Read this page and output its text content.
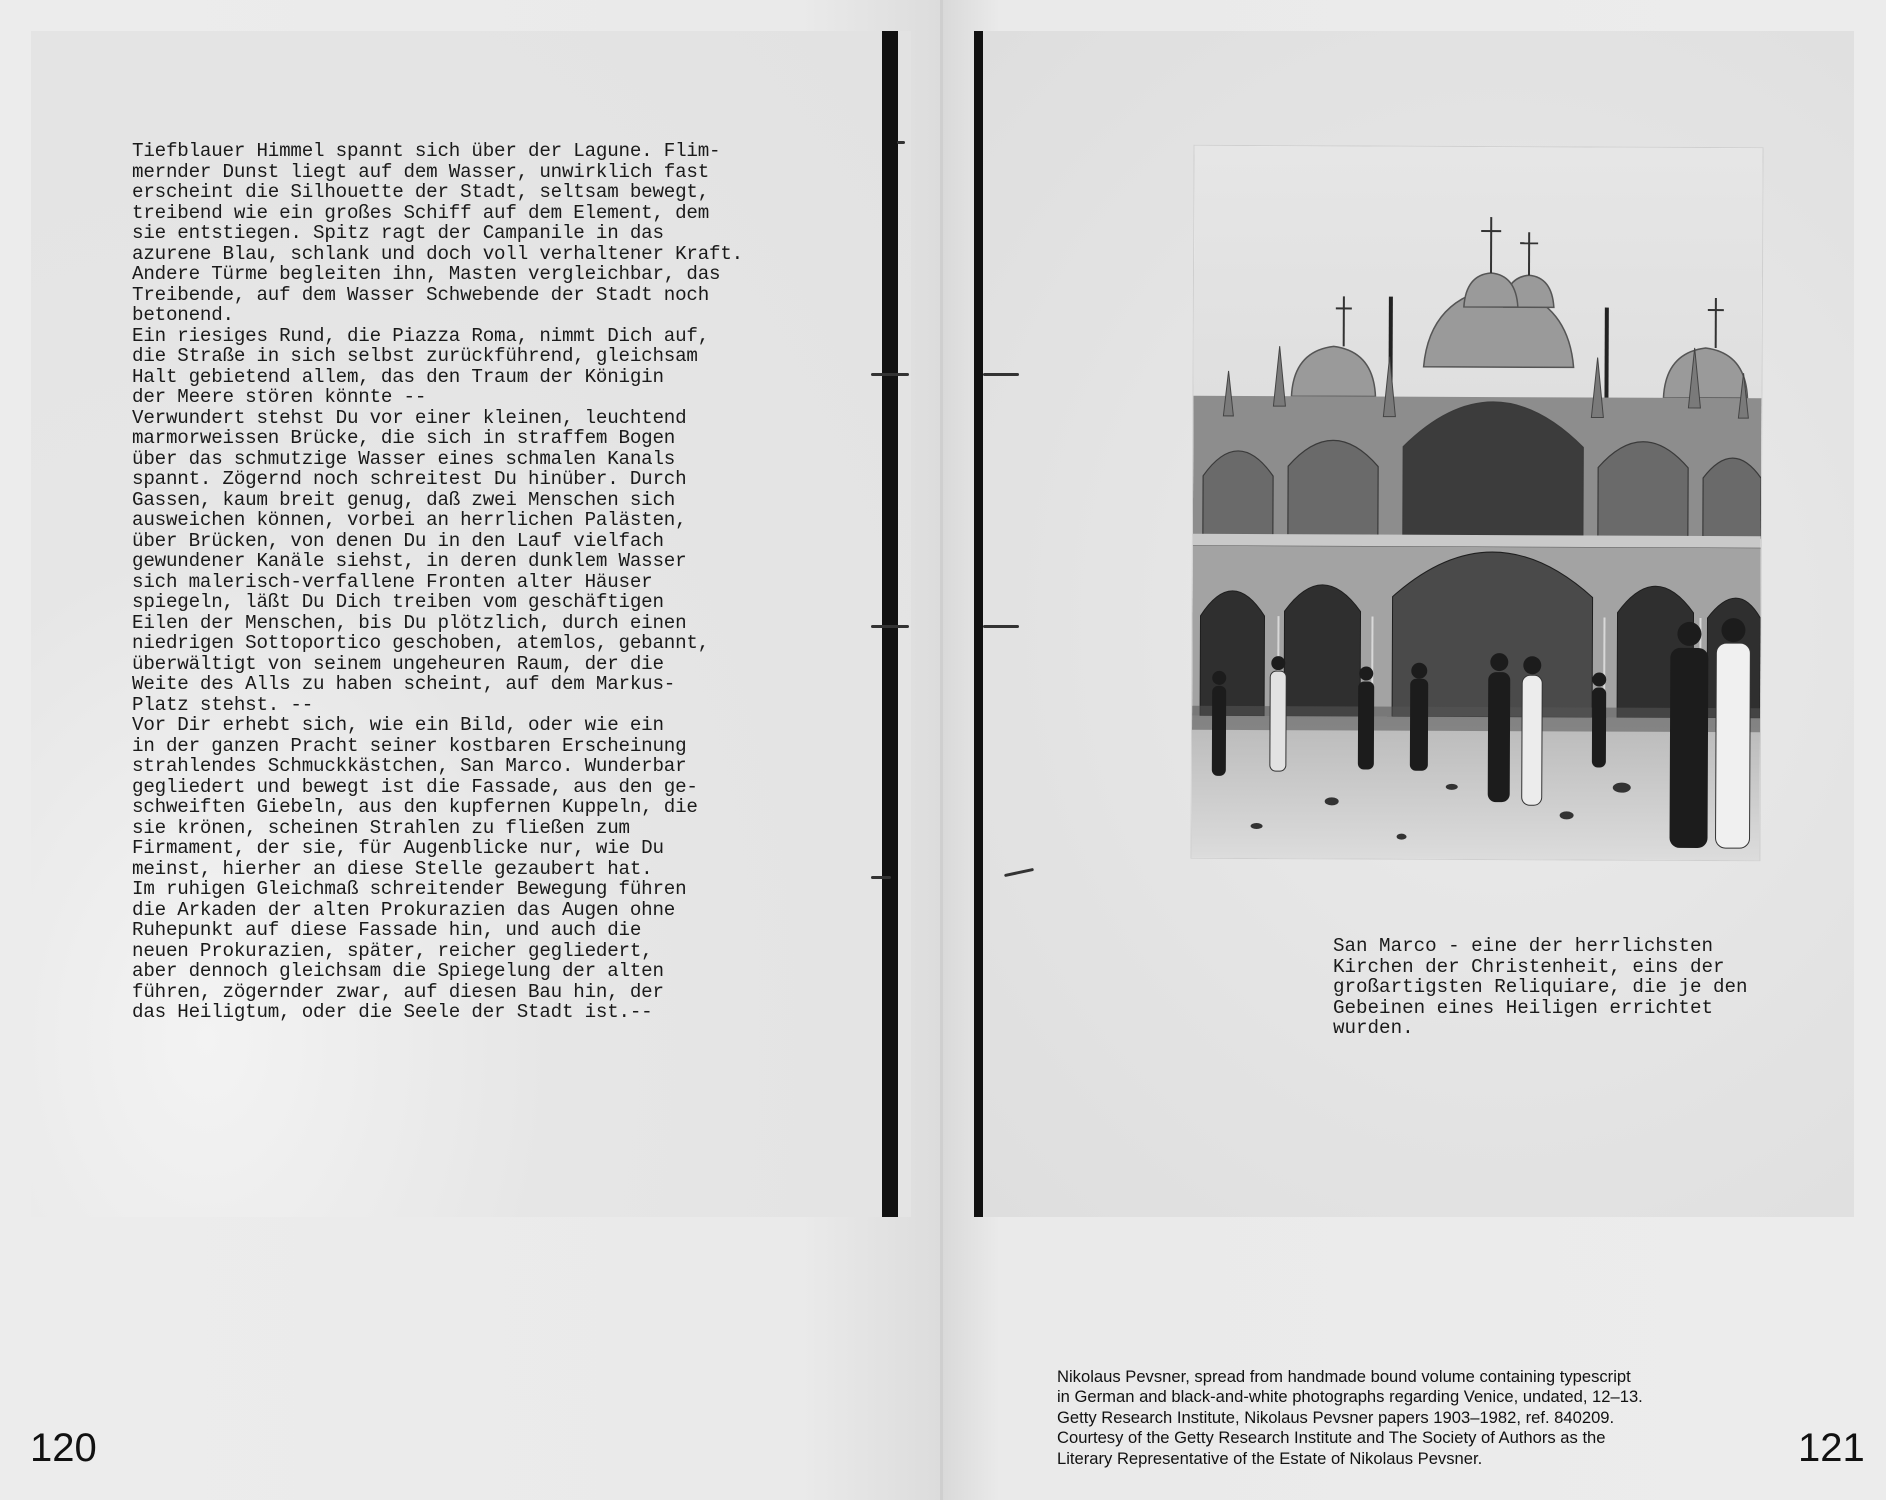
Tiefblauer Himmel spannt sich über der Lagune. Flim-
mernder Dunst liegt auf dem Wasser, unwirklich fast
erscheint die Silhouette der Stadt, seltsam bewegt,
treibend wie ein großes Schiff auf dem Element, dem
sie entstiegen. Spitz ragt der Campanile in das
azurene Blau, schlank und doch voll verhaltener Kraft.
Andere Türme begleiten ihn, Masten vergleichbar, das
Treibende, auf dem Wasser Schwebende der Stadt noch
betonend.
Ein riesiges Rund, die Piazza Roma, nimmt Dich auf,
die Straße in sich selbst zurückführend, gleichsam
Halt gebietend allem, das den Traum der Königin
der Meere stören könnte --
Verwundert stehst Du vor einer kleinen, leuchtend
marmorweissen Brücke, die sich in straffem Bogen
über das schmutzige Wasser eines schmalen Kanals
spannt. Zögernd noch schreitest Du hinüber. Durch
Gassen, kaum breit genug, daß zwei Menschen sich
ausweichen können, vorbei an herrlichen Palästen,
über Brücken, von denen Du in den Lauf vielfach
gewundener Kanäle siehst, in deren dunklem Wasser
sich malerisch-verfallene Fronten alter Häuser
spiegeln, läßt Du Dich treiben vom geschäftigen
Eilen der Menschen, bis Du plötzlich, durch einen
niedrigen Sottoportico geschoben, atemlos, gebannt,
überwältigt von seinem ungeheuren Raum, der die
Weite des Alls zu haben scheint, auf dem Markus-
Platz stehst. --
Vor Dir erhebt sich, wie ein Bild, oder wie ein
in der ganzen Pracht seiner kostbaren Erscheinung
strahlendes Schmuckkästchen, San Marco. Wunderbar
gegliedert und bewegt ist die Fassade, aus den ge-
schweiften Giebeln, aus den kupfernen Kuppeln, die
sie krönen, scheinen Strahlen zu fließen zum
Firmament, der sie, für Augenblicke nur, wie Du
meinst, hierher an diese Stelle gezaubert hat.
Im ruhigen Gleichmaß schreitender Bewegung führen
die Arkaden der alten Prokurazien das Augen ohne
Ruhepunkt auf diese Fassade hin, und auch die
neuen Prokurazien, später, reicher gegliedert,
aber dennoch gleichsam die Spiegelung der alten
führen, zögernder zwar, auf diesen Bau hin, der
das Heiligtum, oder die Seele der Stadt ist.--
120	121
Nikolaus Pevsner, spread from handmade bound volume containing typescript
in German and black-and-white photographs regarding Venice, undated, 12–13.
Getty Research Institute, Nikolaus Pevsner papers 1903–1982, ref. 840209.
Courtesy of the Getty Research Institute and The Society of Authors as the
Literary Representative of the Estate of Nikolaus Pevsner.
San Marco - eine der herrlichsten
Kirchen der Christenheit, eins der
großartigsten Reliquiare, die je den
Gebeinen eines Heiligen errichtet
wurden.
